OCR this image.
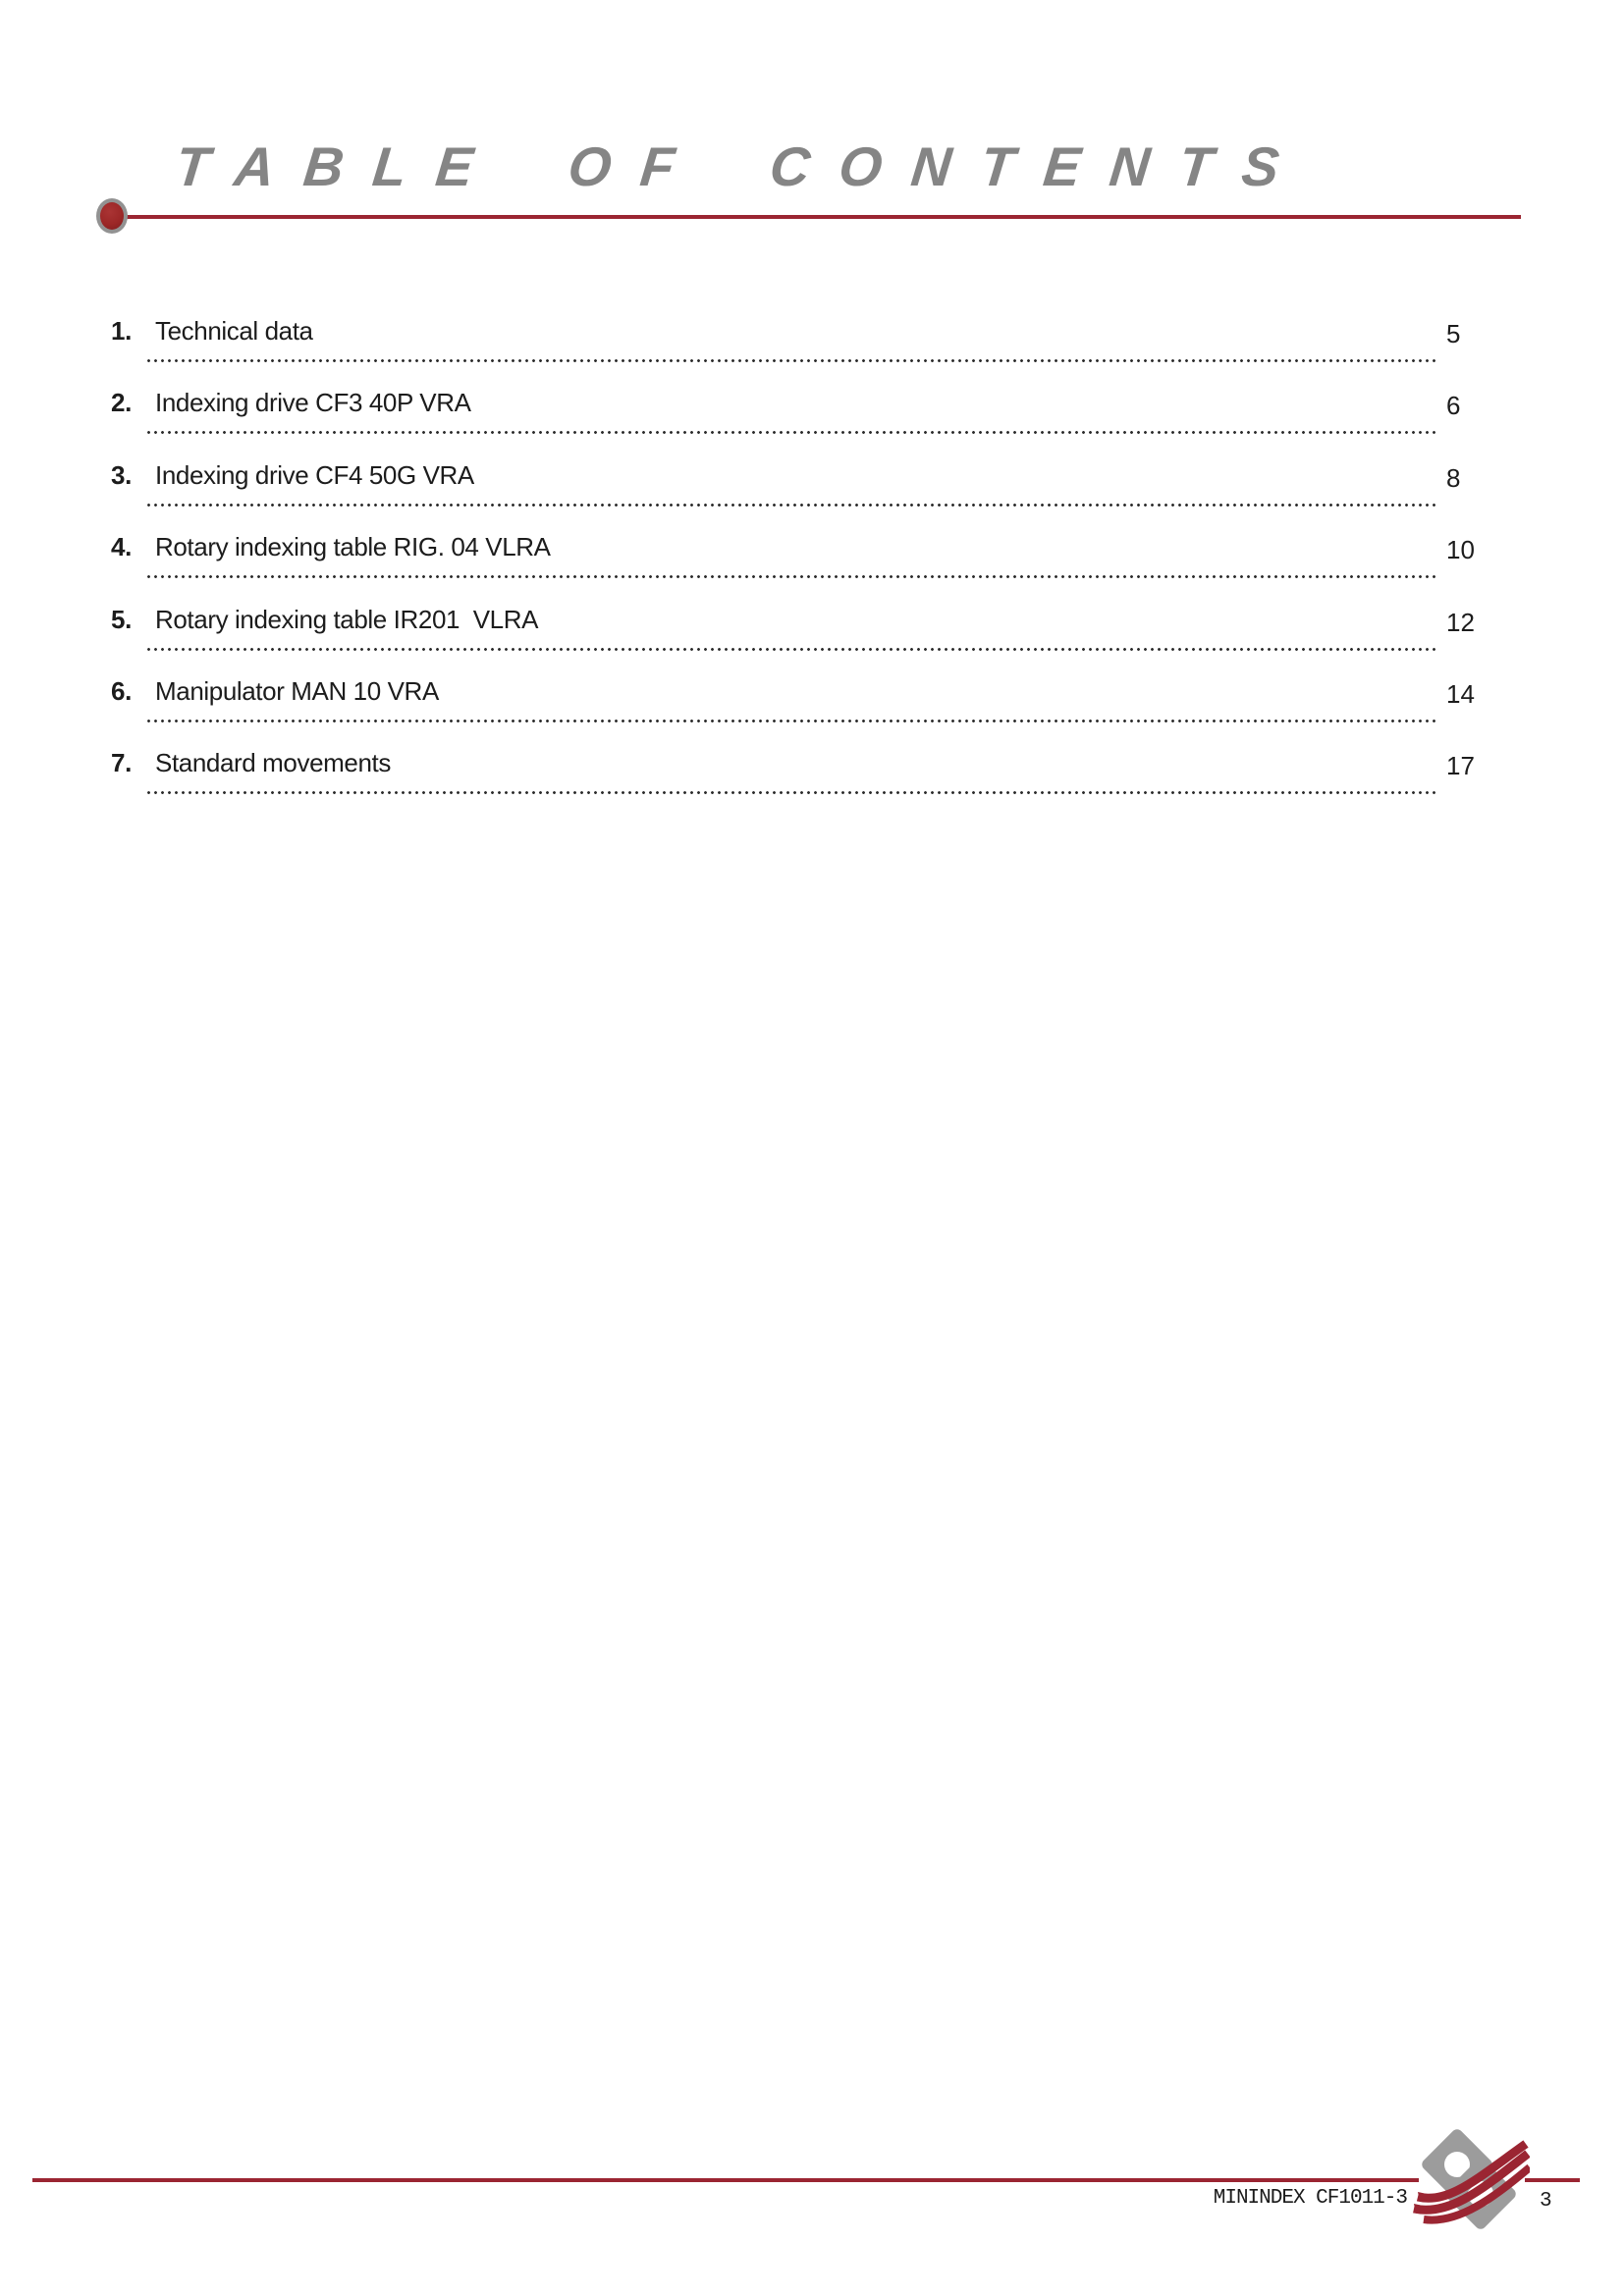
TABLE OF CONTENTS
1. Technical data	5
2. Indexing drive CF3 40P VRA	6
3. Indexing drive CF4 50G VRA	8
4. Rotary indexing table RIG. 04 VLRA	10
5. Rotary indexing table IR201  VLRA	12
6. Manipulator MAN 10 VRA	14
7. Standard movements	17
MININDEX CF1011-3	3
